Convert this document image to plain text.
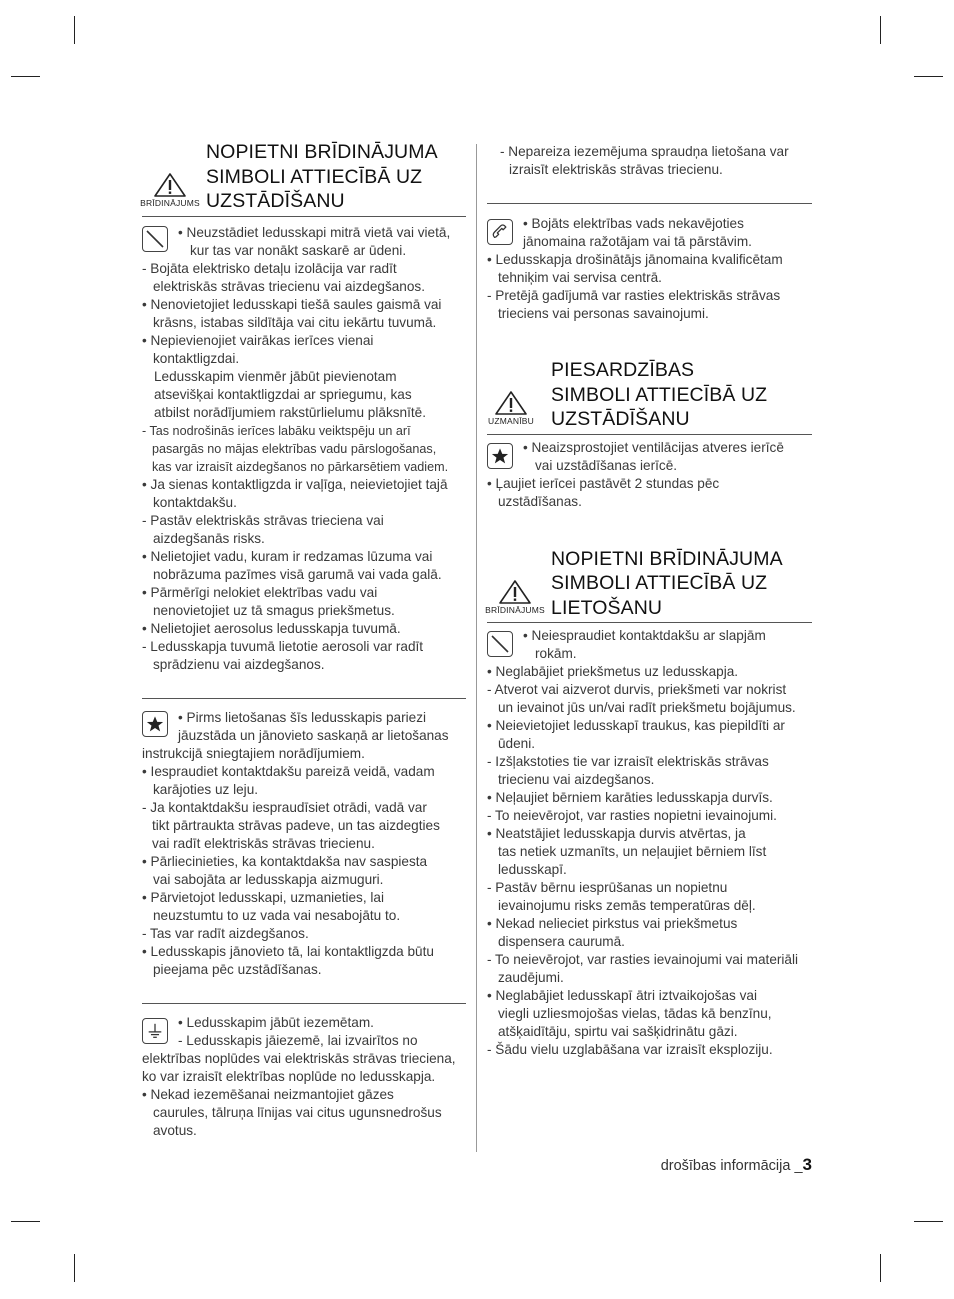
BRĪDINĀJUMS
NOPIETNI BRĪDINĀJUMA
SIMBOLI ATTIECĪBĀ UZ
UZSTĀDĪŠANU

• Neuzstādiet ledusskapi mitrā vietā vai vietā,

kur tas var nonākt saskarē ar ūdeni.

- Bojāta elektrisko detaļu izolācija var radīt

elektriskās strāvas triecienu vai aizdegšanos.

• Nenovietojiet ledusskapi tiešā saules gaismā vai

krāsns, istabas sildītāja vai citu iekārtu tuvumā.

• Nepievienojiet vairākas ierīces vienai

kontaktligzdai.

Ledusskapim vienmēr jābūt pievienotam

atsevišķai kontaktligzdai ar spriegumu, kas

atbilst norādījumiem rakstūrlielumu plāksnītē.

- Tas nodrošinās ierīces labāku veiktspēju un arī

pasargās no mājas elektrības vadu pārslogošanas,

kas var izraisīt aizdegšanos no pārkarsētiem vadiem.

• Ja sienas kontaktligzda ir vaļīga, neievietojiet tajā

kontaktdakšu.

- Pastāv elektriskās strāvas trieciena vai

aizdegšanās risks.

• Nelietojiet vadu, kuram ir redzamas lūzuma vai

nobrāzuma pazīmes visā garumā vai vada galā.

• Pārmērīgi nelokiet elektrības vadu vai

nenovietojiet uz tā smagus priekšmetus.

• Nelietojiet aerosolus ledusskapja tuvumā.

- Ledusskapja tuvumā lietotie aerosoli var radīt

sprādzienu vai aizdegšanos.

• Pirms lietošanas šīs ledusskapis pariezi

jāuzstāda un jānovieto saskaņā ar lietošanas

instrukcijā sniegtajiem norādījumiem.

• Iespraudiet kontaktdakšu pareizā veidā, vadam

karājoties uz leju.

- Ja kontaktdakšu iespraudīsiet otrādi, vadā var

tikt pārtraukta strāvas padeve, un tas aizdegties

vai radīt elektriskās strāvas triecienu.

• Pārliecinieties, ka kontaktdakša nav saspiesta

vai sabojāta ar ledusskapja aizmuguri.

• Pārvietojot ledusskapi, uzmanieties, lai

neuzstumtu to uz vada vai nesabojātu to.

- Tas var radīt aizdegšanos.

• Ledusskapis jānovieto tā, lai kontaktligzda būtu

pieejama pēc uzstādīšanas.

• Ledusskapim jābūt iezemētam.

- Ledusskapis jāiezemē, lai izvairītos no

elektrības noplūdes vai elektriskās strāvas trieciena,

ko var izraisīt elektrības noplūde no ledusskapja.

• Nekad iezemēšanai neizmantojiet gāzes

caurules, tālruņa līnijas vai citus ugunsnedrošus

avotus.

- Nepareiza iezemējuma spraudņa lietošana var

izraisīt elektriskās strāvas triecienu.

• Bojāts elektrības vads nekavējoties

jānomaina ražotājam vai tā pārstāvim.

• Ledusskapja drošinātājs jānomaina kvalificētam

tehniķim vai servisa centrā.

- Pretējā gadījumā var rasties elektriskās strāvas

trieciens vai personas savainojumi.

UZMANĪBU
PIESARDZĪBAS
SIMBOLI ATTIECĪBĀ UZ
UZSTĀDĪŠANU

• Neaizsprostojiet ventilācijas atveres ierīcē

vai uzstādīšanas ierīcē.

• Ļaujiet ierīcei pastāvēt 2 stundas pēc

uzstādīšanas.

BRĪDINĀJUMS
NOPIETNI BRĪDINĀJUMA
SIMBOLI ATTIECĪBĀ UZ
LIETOŠANU

• Neiespraudiet kontaktdakšu ar slapjām

rokām.

• Neglabājiet priekšmetus uz ledusskapja.

- Atverot vai aizverot durvis, priekšmeti var nokrist

un ievainot jūs un/vai radīt priekšmetu bojājumus.

• Neievietojiet ledusskapī traukus, kas piepildīti ar

ūdeni.

- Izšļakstoties tie var izraisīt elektriskās strāvas

triecienu vai aizdegšanos.

• Neļaujiet bērniem karāties ledusskapja durvīs.

- To neievērojot, var rasties nopietni ievainojumi.

• Neatstājiet ledusskapja durvis atvērtas, ja

tas netiek uzmanīts, un neļaujiet bērniem līst

ledusskapī.

- Pastāv bērnu iesprūšanas un nopietnu

ievainojumu risks zemās temperatūras dēļ.

• Nekad nelieciet pirkstus vai priekšmetus

dispensera caurumā.

- To neievērojot, var rasties ievainojumi vai materiāli

zaudējumi.

• Neglabājiet ledusskapī ātri iztvaikojošas vai

viegli uzliesmojošas vielas, tādas kā benzīnu,

atšķaidītāju, spirtu vai sašķidrinātu gāzi.

- Šādu vielu uzglabāšana var izraisīt eksploziju.

drošības informācija _3
